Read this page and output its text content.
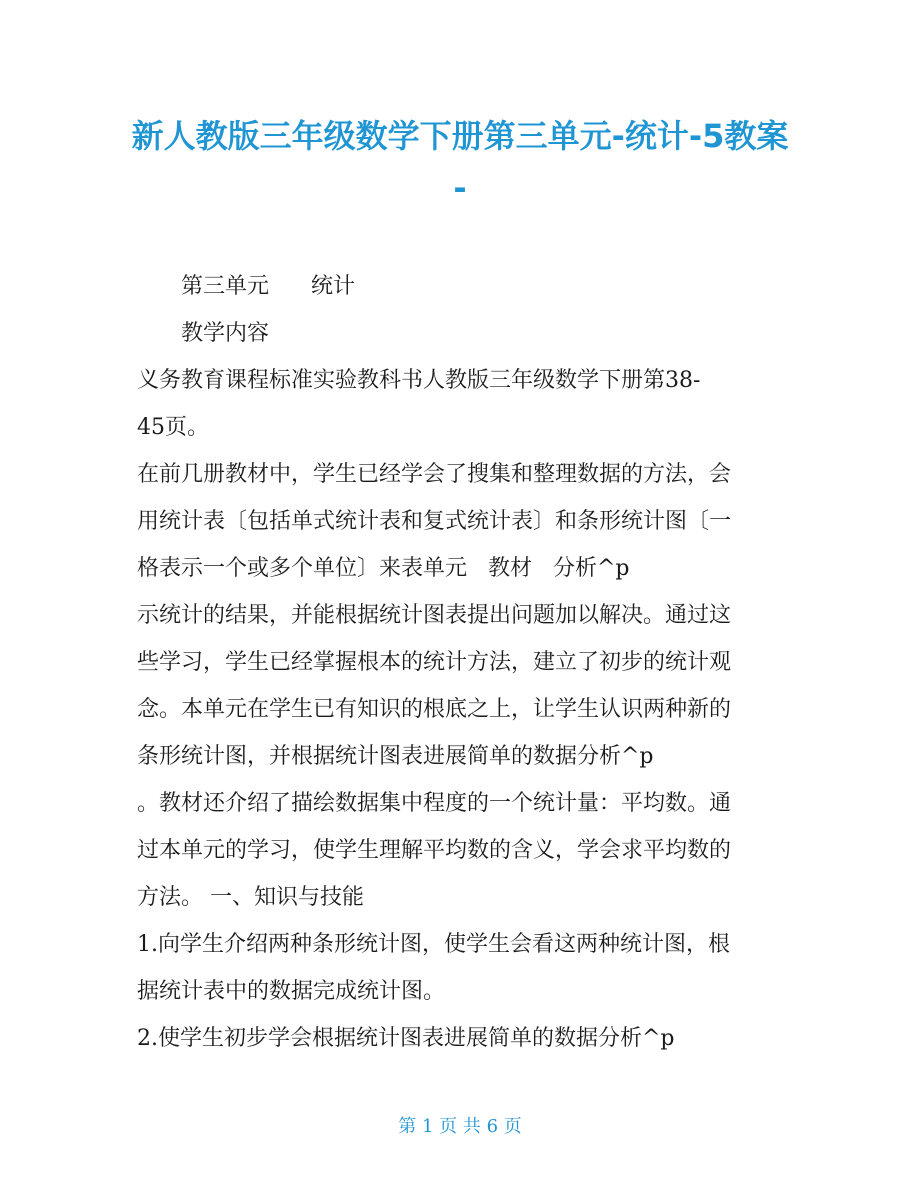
新人教版三年级数学下册第三单元-统计-5教案
-
第三单元      统计
教学内容
义务教育课程标准实验教科书人教版三年级数学下册第38-
45页。
在前几册教材中，学生已经学会了搜集和整理数据的方法，会
用统计表〔包括单式统计表和复式统计表〕和条形统计图〔一
格表示一个或多个单位〕来表单元   教材   分析^p
示统计的结果，并能根据统计图表提出问题加以解决。通过这
些学习，学生已经掌握根本的统计方法，建立了初步的统计观
念。本单元在学生已有知识的根底之上，让学生认识两种新的
条形统计图，并根据统计图表进展简单的数据分析^p
。教材还介绍了描绘数据集中程度的一个统计量：平均数。通
过本单元的学习，使学生理解平均数的含义，学会求平均数的
方法。 一、知识与技能
1.向学生介绍两种条形统计图，使学生会看这两种统计图，根
据统计表中的数据完成统计图。
2.使学生初步学会根据统计图表进展简单的数据分析^p
第 1 页 共 6 页
